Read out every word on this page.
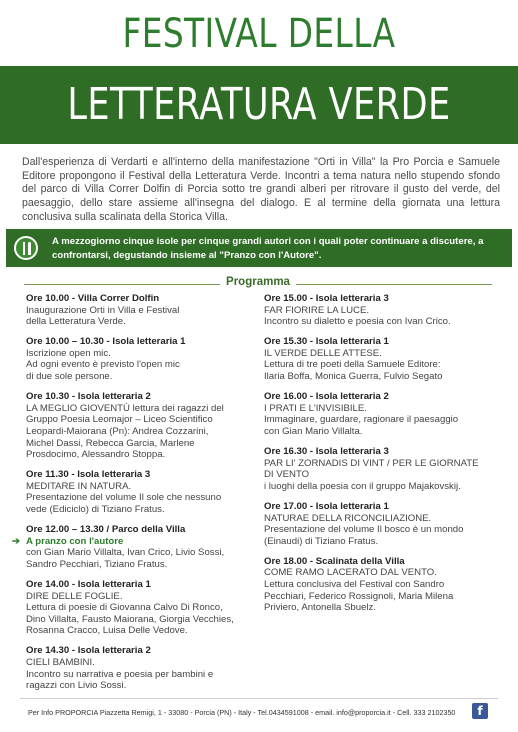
FESTIVAL DELLA
LETTERATURA VERDE
Dall'esperienza di Verdarti e all'interno della manifestazione "Orti in Villa" la Pro Porcia e Samuele Editore propongono il Festival della Letteratura Verde. Incontri a tema natura nello stupendo sfondo del parco di Villa Correr Dolfin di Porcia sotto tre grandi alberi per ritrovare il gusto del verde, del paesaggio, dello stare assieme all'insegna del dialogo. E al termine della giornata una lettura conclusiva sulla scalinata della Storica Villa.
A mezzogiorno cinque isole per cinque grandi autori con i quali poter continuare a discutere, a confrontarsi, degustando insieme al "Pranzo con l'Autore".
Programma
Ore 10.00 - Villa Correr Dolfin
Inaugurazione Orti in Villa e Festival
della Letteratura Verde.
Ore 10.00 – 10.30 - Isola letteraria 1
Iscrizione open mic.
Ad ogni evento è previsto l'open mic
di due sole persone.
Ore 10.30 - Isola letteraria 2
LA MEGLIO GIOVENTÙ lettura dei ragazzi del
Gruppo Poesia Leomajor – Liceo Scientifico
Leopardi-Maiorana (Pn): Andrea Cozzarini,
Michel Dassi, Rebecca Garcia, Marlene
Prosdocimo, Alessandro Stoppa.
Ore 11.30 - Isola letteraria 3
MEDITARE IN NATURA.
Presentazione del volume Il sole che nessuno
vede (Ediciclo) di Tiziano Fratus.
Ore 12.00 – 13.30 / Parco della Villa
➔ A pranzo con l'autore
con Gian Mario Villalta, Ivan Crico, Livio Sossi,
Sandro Pecchiari, Tiziano Fratus.
Ore 14.00 - Isola letteraria 1
DIRE DELLE FOGLIE.
Lettura di poesie di Giovanna Calvo Di Ronco,
Dino Villalta, Fausto Maiorana, Giorgia Vecchies,
Rosanna Cracco, Luisa Delle Vedove.
Ore 14.30 - Isola letteraria 2
CIELI BAMBINI.
Incontro su narrativa e poesia per bambini e
ragazzi con Livio Sossi.
Ore 15.00 - Isola letteraria 3
FAR FIORIRE LA LUCE.
Incontro su dialetto e poesia con Ivan Crico.
Ore 15.30 - Isola letteraria 1
IL VERDE DELLE ATTESE.
Lettura di tre poeti della Samuele Editore:
Ilaria Boffa, Monica Guerra, Fulvio Segato
Ore 16.00 - Isola letteraria 2
I PRATI E L'INVISIBILE.
Immaginare, guardare, ragionare il paesaggio
con Gian Mario Villalta.
Ore 16.30 - Isola letteraria 3
PAR LI' ZORNADIS DI VINT / PER LE GIORNATE
DI VENTO
i luoghi della poesia con il gruppo Majakovskij.
Ore 17.00 - Isola letteraria 1
NATURAE DELLA RICONCILIAZIONE.
Presentazione del volume Il bosco è un mondo
(Einaudi) di Tiziano Fratus.
Ore 18.00 - Scalinata della Villa
COME RAMO LACERATO DAL VENTO.
Lettura conclusiva del Festival con Sandro
Pecchiari, Federico Rossignoli, Maria Milena
Priviero, Antonella Sbuelz.
Per Info PROPORCIA Piazzetta Remigi, 1 - 33080 - Porcia (PN) - Italy - Tel.0434591008 - email. info@proporcia.it - Cell. 333 2102350	f
